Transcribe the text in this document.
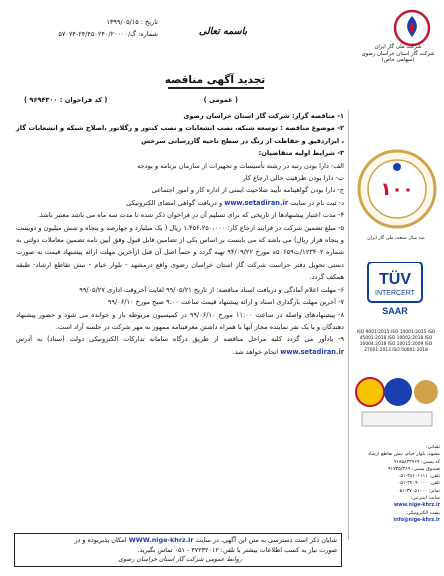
تاریخ : ۱۳۹۹/۰۵/۱۵
شماره: گ/۲۴/۴۵۰۲۴۰/۲۰۰۰۰-۵۷۰۷۴	باسمه تعالی
شرکت ملی گاز ایران
شرکت گاز استان خراسان رضوی
(سهامی خاص)
تجدید آگهی مناقصه
( عمومی )
( کد فراخوان : ۹۶۹۴۳۰۰ )

۱- مناقصه گزار: شرکت گاز استان خراسان رضوی

۲- موضوع مناقصه : توسعه شبکه، نصب انشعابات و نصب کنتور و رگلاتور ،اصلاح شبکه و انشعابات گاز ، ابزاردقیق و حفاظت از زنگ در سطح ناحیه گازرسانی سرخس

۳- شرایط اولیه متقاضیان:

الف- دارا بودن رتبه در رشته تأسیسات و تجهیزات از سازمان برنامه و بودجه

ب- دارا بودن ظرفیت خالی ارجاع کار

ج- دارا بودن گواهینامه تأیید صلاحیت ایمنی از اداره کار و امور اجتماعی

د- ثبت نام در سایت www.setadiran.ir و دریافت گواهی امضای الکترونیکی

۴- مدت اعتبار پیشنهادها از تاریخی که برای تسلیم آن در فراخوان ذکر شده تا مدت سه ماه می باشد معتبر باشد.

۵- مبلغ تضمین شرکت در فرایند ارجاع کار: ۱،۴۵۶،۲۵۰،۰۰۰ ریال ( یک میلیارد و چهارصد و پنجاه و شش میلیون و دویست و پنجاه هزار ریال) می باشد که می بایست بر اساس یکی از تضامین قابل قبول وفق آیین نامه تضمین معاملات دولتی به شماره ۱۲۳۴۰۲/ت۵۰۶۵۹ه مورخ ۹۴/۰۹/۲۲ تهیه گردد و حتماً اصل آن قبل ازآخرین مهلت ارائه پیشنهاد قیمت به صورت دستی تحویل دفتر حراست شرکت گاز استان خراسان رضوی واقع درمشهد - بلوار خیام - نبش تقاطع ارشاد- طبقه همکف گردد.

۶- مهلت اعلام آمادگی و دریافت اسناد مناقصه: از تاریخ ۹۹/۰۵/۲۱ لغایت آخروقت اداری ۹۹/۰۵/۲۷

۷- آخرین مهلت بارگذاری اسناد و ارائه پیشنهاد قیمت ساعت ۹:۰۰ صبح مورخ ۹۹/۰۶/۱۰

۸- پیشنهادهای واصله در ساعت ۱۱:۰۰ مورخ ۹۹/۰۶/۱۰ در کمیسیون مربوطه باز و خوانده می شود و حضور پیشنهاد دهندگان و یا یک نفر نماینده مجاز آنها با همراه داشتن معرفینامه ممهور به مهر شرکت در جلسه آزاد است.

۹- یادآور می گردد کلیه مراحل مناقصه از طریق درگاه سامانه تدارکات الکترونیکی دولت (ستاد) به آدرس www.setadiran.ir انجام خواهد شد.

شایان ذکر است دسترسی به متن این آگهی، در سایت WWW.nige-khrz.ir امکان پذیربوده و در
صورت نیاز به کسب اطلاعات بیشتر با تلفن: ۳۷۲۳۲۰۱۲ - ۰۵۱ تماس بگیرید.
۱۰۰
صد سال صنعت ملی گاز ایران
TÜV
INTERCERT
SAAR
ISO 9001:2015 ISO 14001:2015 ISO 45001:2018 ISO 10002:2018 ISO 10004:2018 ISO 10015:2009 ISO 27001:2013 ISO 50001:2018
نشانی:
مشهد، بلوار خیام، نبش تقاطع ارشاد
کد پستی: ۹۱۸۵۸۳۳۹۶۹
صندوق پستی: ۹۱۷۳۵/۳۶۹
تلفن: ۳۸۶۰۱۱۱۱-۰۵۱
تلفن: ۳۷۰۹۰۰۰۰-۰۵۱
نمابر: ۳۷۰۵۱۰۰۰-۰۵۱
سایت اینترنتی:
www.nige-khrz.ir
پست الکترونیکی:
info@nige-khrz.ir
روابط عمومی شرکت گاز استان خراسان رضوی
